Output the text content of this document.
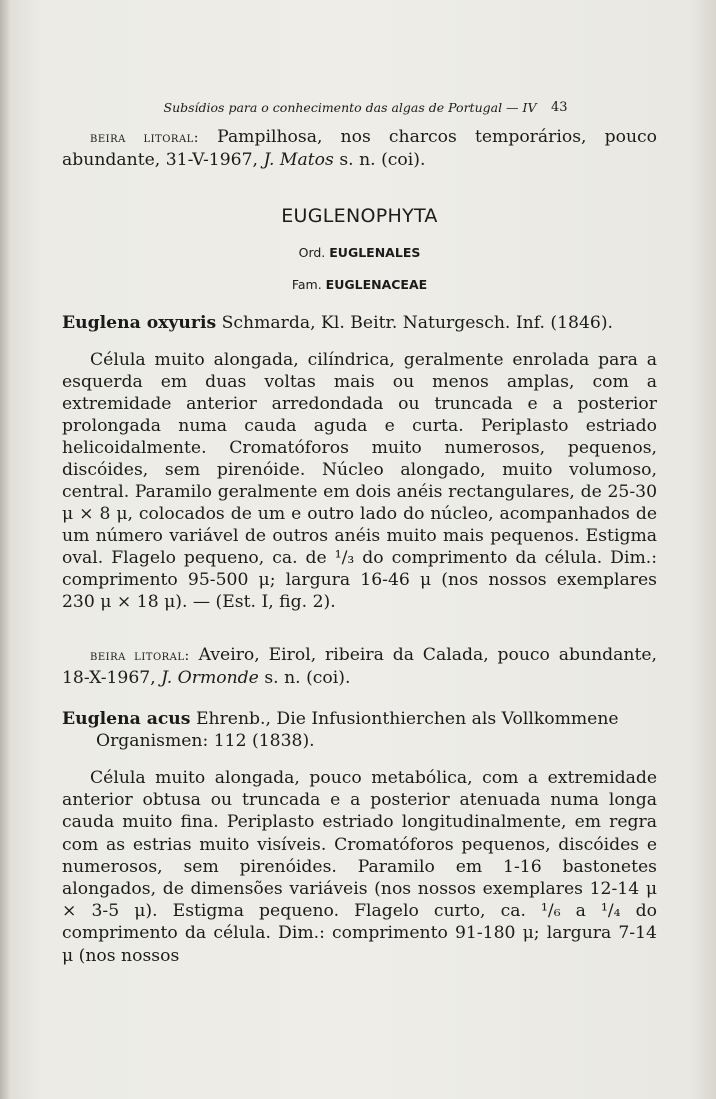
Subsídios para o conhecimento das algas de Portugal — IV	43
beira litoral: Pampilhosa, nos charcos temporários, pouco abundante, 31-V-1967, J. Matos s. n. (coi).
EUGLENOPHYTA
Ord. EUGLENALES
Fam. EUGLENACEAE
Euglena oxyuris Schmarda, Kl. Beitr. Naturgesch. Inf. (1846).
Célula muito alongada, cilíndrica, geralmente enrolada para a esquerda em duas voltas mais ou menos amplas, com a extremidade anterior arredondada ou truncada e a posterior prolongada numa cauda aguda e curta. Periplasto estriado helicoidalmente. Cromatóforos muito numerosos, pequenos, discóides, sem pirenóide. Núcleo alongado, muito volumoso, central. Paramilo geralmente em dois anéis rectangulares, de 25-30 μ × 8 μ, colocados de um e outro lado do núcleo, acompanhados de um número variável de outros anéis muito mais pequenos. Estigma oval. Flagelo pequeno, ca. de ¹/₃ do comprimento da célula. Dim.: comprimento 95-500 μ; largura 16-46 μ (nos nossos exemplares 230 μ × 18 μ). — (Est. I, fig. 2).
beira litoral: Aveiro, Eirol, ribeira da Calada, pouco abundante, 18-X-1967, J. Ormonde s. n. (coi).
Euglena acus Ehrenb., Die Infusionthierchen als Vollkommene Organismen: 112 (1838).
Célula muito alongada, pouco metabólica, com a extremidade anterior obtusa ou truncada e a posterior atenuada numa longa cauda muito fina. Periplasto estriado longitudinalmente, em regra com as estrias muito visíveis. Cromatóforos pequenos, discóides e numerosos, sem pirenóides. Paramilo em 1-16 bastonetes alongados, de dimensões variáveis (nos nossos exemplares 12-14 μ × 3-5 μ). Estigma pequeno. Flagelo curto, ca. ¹/₆ a ¹/₄ do comprimento da célula. Dim.: comprimento 91-180 μ; largura 7-14 μ (nos nossos
